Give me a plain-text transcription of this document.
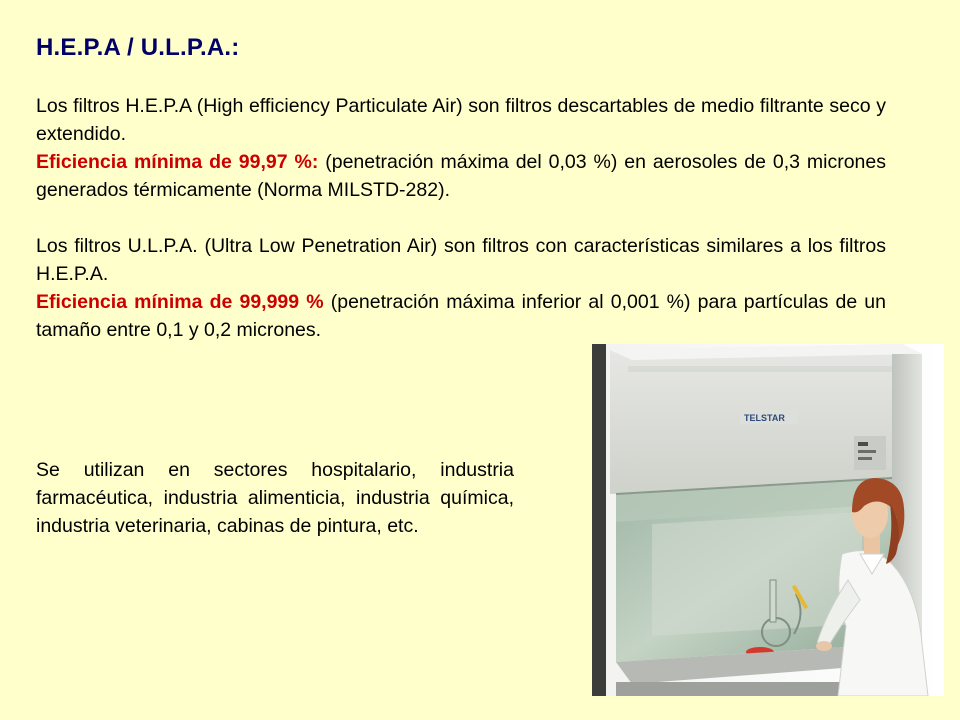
H.E.P.A / U.L.P.A.:
Los filtros H.E.P.A (High efficiency Particulate Air) son filtros descartables de medio filtrante seco y extendido.
Eficiencia mínima de 99,97 %: (penetración máxima del 0,03 %) en aerosoles de 0,3 micrones generados térmicamente (Norma MILSTD-282).
Los filtros U.L.P.A. (Ultra Low Penetration Air) son filtros con características similares a los filtros H.E.P.A.
Eficiencia mínima de 99,999 % (penetración máxima inferior al 0,001 %) para partículas de un tamaño entre 0,1 y 0,2 micrones.
Se utilizan en sectores hospitalario, industria farmacéutica, industria alimenticia, industria química, industria veterinaria, cabinas de pintura, etc.
TELSTAR
